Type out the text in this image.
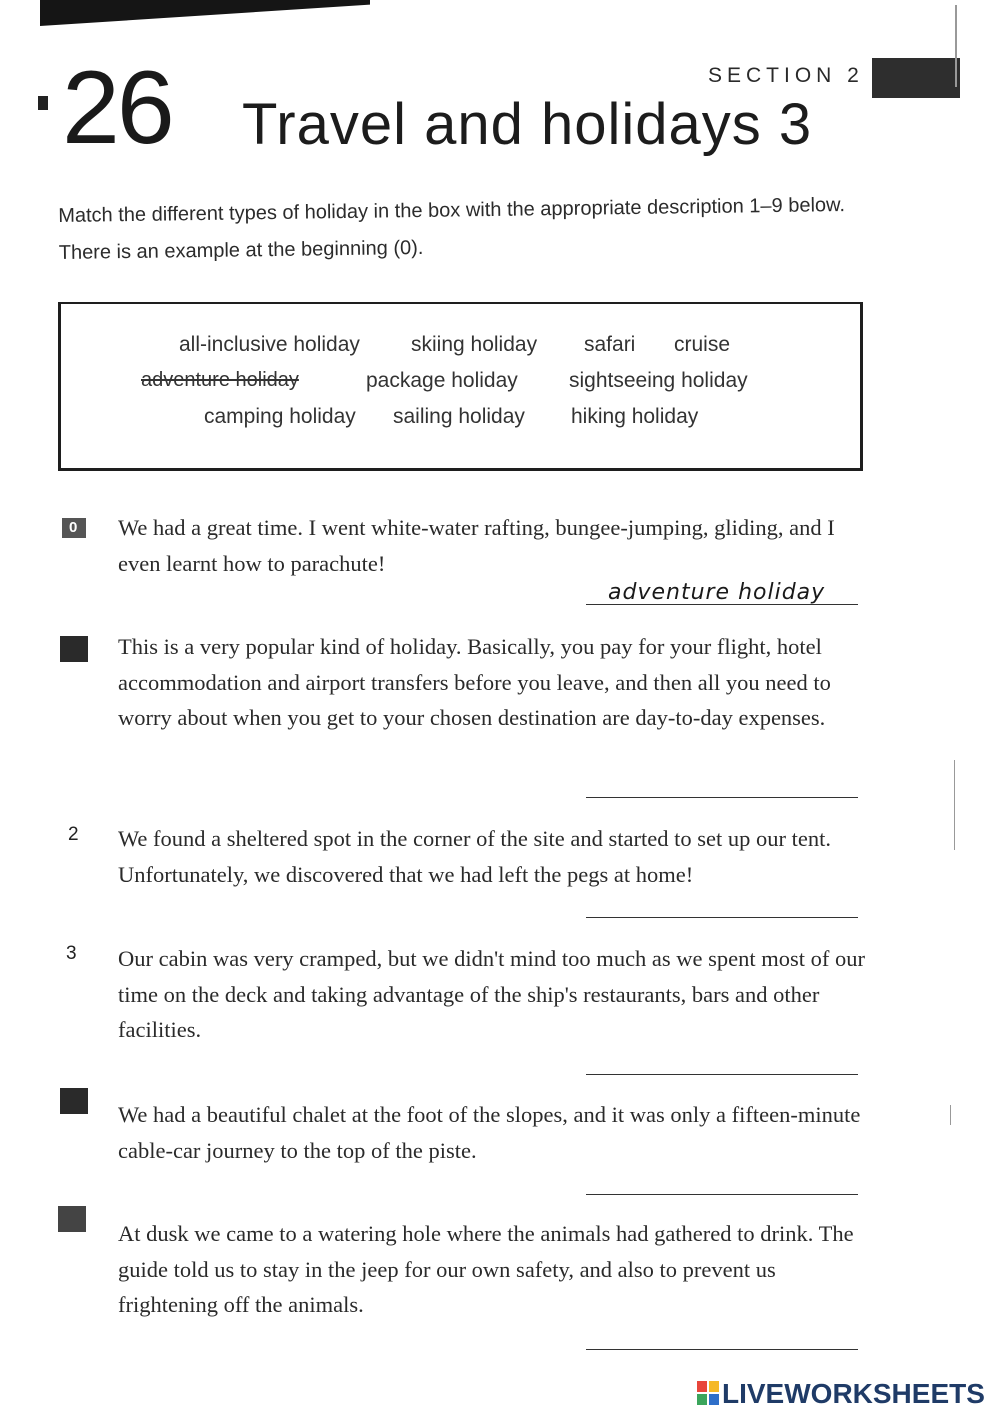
SECTION 2
26 Travel and holidays 3
Match the different types of holiday in the box with the appropriate description 1–9 below. There is an example at the beginning (0).
all-inclusive holiday skiing holiday safari cruise
adventure holiday	package holiday sightseeing holiday
camping holiday sailing holiday hiking holiday
0 We had a great time. I went white-water rafting, bungee-jumping, gliding, and I even learnt how to parachute!
adventure holiday
This is a very popular kind of holiday. Basically, you pay for your flight, hotel accommodation and airport transfers before you leave, and then all you need to worry about when you get to your chosen destination are day-to-day expenses.
2 We found a sheltered spot in the corner of the site and started to set up our tent. Unfortunately, we discovered that we had left the pegs at home!
3 Our cabin was very cramped, but we didn't mind too much as we spent most of our time on the deck and taking advantage of the ship's restaurants, bars and other facilities.
We had a beautiful chalet at the foot of the slopes, and it was only a fifteen-minute cable-car journey to the top of the piste.
At dusk we came to a watering hole where the animals had gathered to drink. The guide told us to stay in the jeep for our own safety, and also to prevent us frightening off the animals.
LIVEWORKSHEETS
